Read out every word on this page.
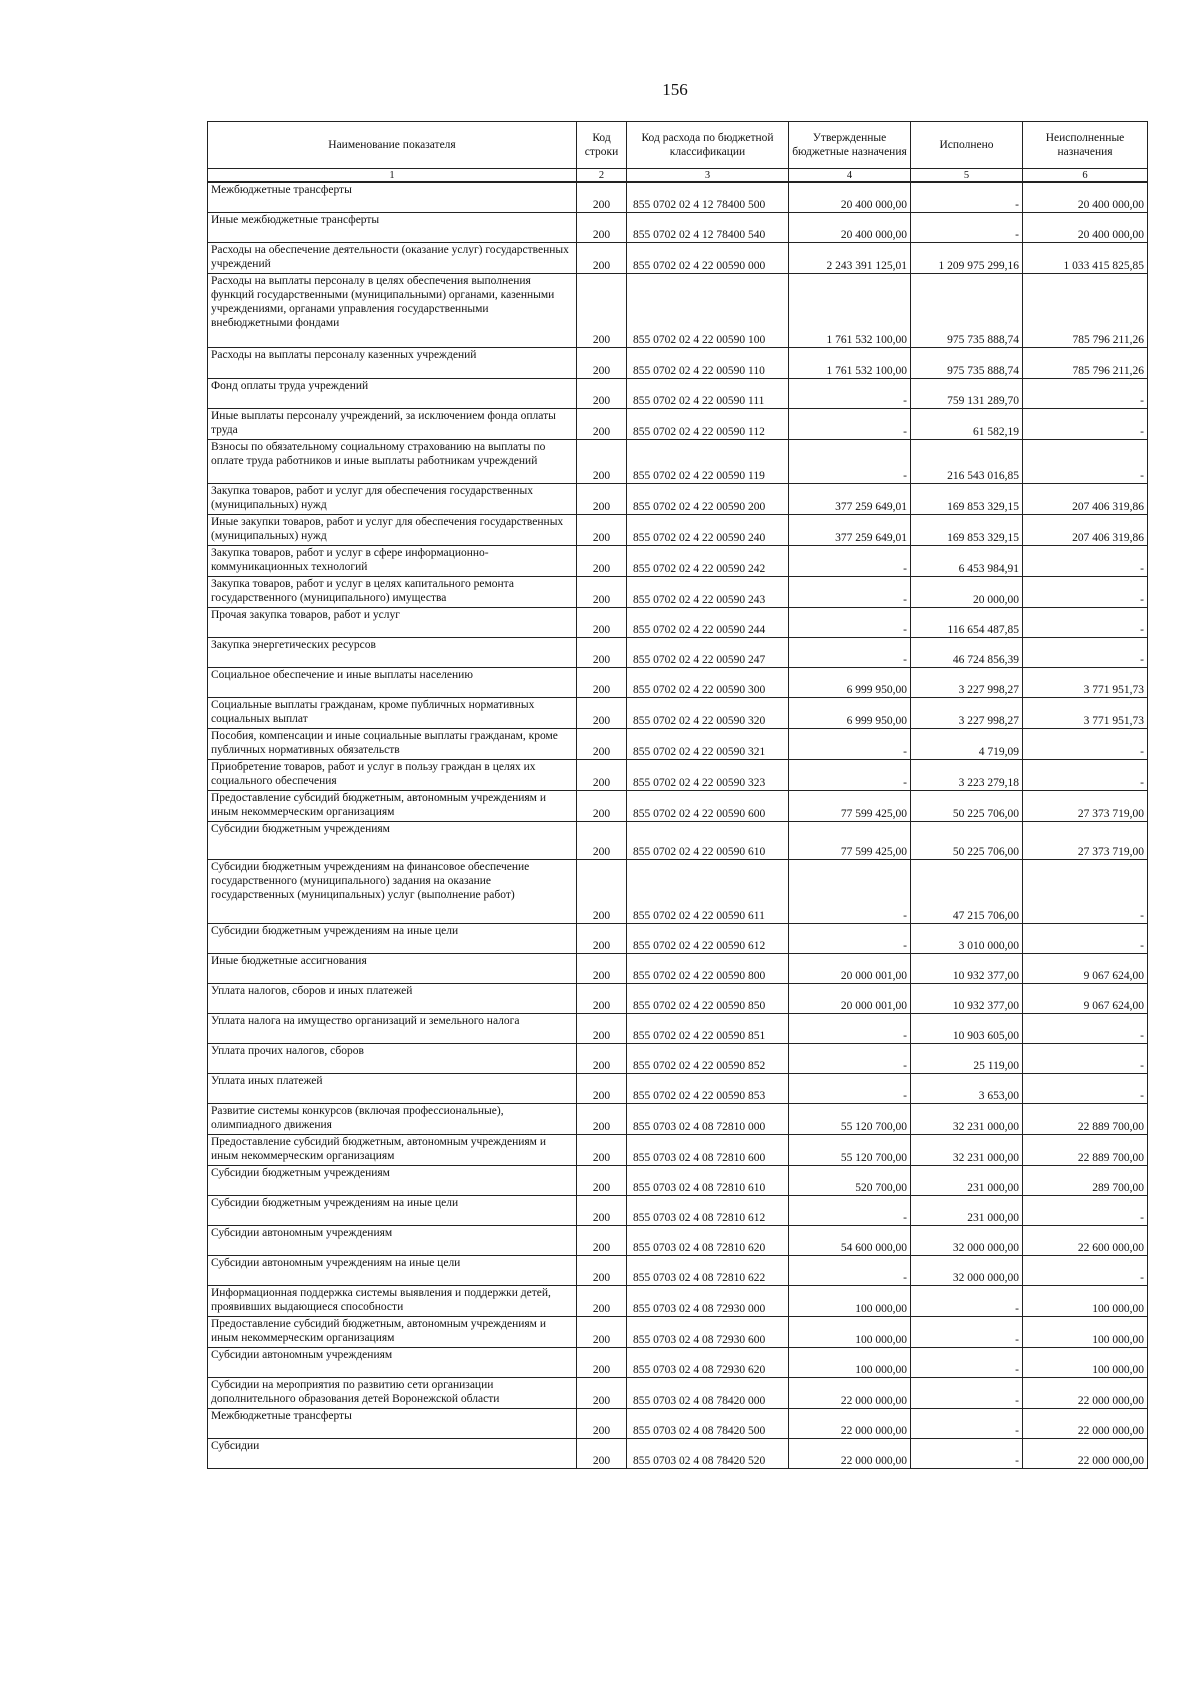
156
Наименование показателя	Код строки	Код расхода по бюджетной классификации	Утвержденные бюджетные назначения	Исполнено	Неисполненные назначения
1	2	3	4	5	6
Межбюджетные трансферты	200	855 0702 02 4 12 78400 500	20 400 000,00	-	20 400 000,00
Иные межбюджетные трансферты	200	855 0702 02 4 12 78400 540	20 400 000,00	-	20 400 000,00
Расходы на обеспечение деятельности (оказание услуг) государственных учреждений	200	855 0702 02 4 22 00590 000	2 243 391 125,01	1 209 975 299,16	1 033 415 825,85
Расходы на выплаты персоналу в целях обеспечения выполнения функций государственными (муниципальными) органами, казенными учреждениями, органами управления государственными внебюджетными фондами	200	855 0702 02 4 22 00590 100	1 761 532 100,00	975 735 888,74	785 796 211,26
Расходы на выплаты персоналу казенных учреждений	200	855 0702 02 4 22 00590 110	1 761 532 100,00	975 735 888,74	785 796 211,26
Фонд оплаты труда учреждений	200	855 0702 02 4 22 00590 111	-	759 131 289,70	-
Иные выплаты персоналу учреждений, за исключением фонда оплаты труда	200	855 0702 02 4 22 00590 112	-	61 582,19	-
Взносы по обязательному социальному страхованию на выплаты по оплате труда работников и иные выплаты работникам учреждений	200	855 0702 02 4 22 00590 119	-	216 543 016,85	-
Закупка товаров, работ и услуг для обеспечения государственных (муниципальных) нужд	200	855 0702 02 4 22 00590 200	377 259 649,01	169 853 329,15	207 406 319,86
Иные закупки товаров, работ и услуг для обеспечения государственных (муниципальных) нужд	200	855 0702 02 4 22 00590 240	377 259 649,01	169 853 329,15	207 406 319,86
Закупка товаров, работ и услуг в сфере информационно-коммуникационных технологий	200	855 0702 02 4 22 00590 242	-	6 453 984,91	-
Закупка товаров, работ и услуг в целях капитального ремонта государственного (муниципального) имущества	200	855 0702 02 4 22 00590 243	-	20 000,00	-
Прочая закупка товаров, работ и услуг	200	855 0702 02 4 22 00590 244	-	116 654 487,85	-
Закупка энергетических ресурсов	200	855 0702 02 4 22 00590 247	-	46 724 856,39	-
Социальное обеспечение и иные выплаты населению	200	855 0702 02 4 22 00590 300	6 999 950,00	3 227 998,27	3 771 951,73
Социальные выплаты гражданам, кроме публичных нормативных социальных выплат	200	855 0702 02 4 22 00590 320	6 999 950,00	3 227 998,27	3 771 951,73
Пособия, компенсации и иные социальные выплаты гражданам, кроме публичных нормативных обязательств	200	855 0702 02 4 22 00590 321	-	4 719,09	-
Приобретение товаров, работ и услуг в пользу граждан в целях их социального обеспечения	200	855 0702 02 4 22 00590 323	-	3 223 279,18	-
Предоставление субсидий бюджетным, автономным учреждениям и иным некоммерческим организациям	200	855 0702 02 4 22 00590 600	77 599 425,00	50 225 706,00	27 373 719,00
Субсидии бюджетным учреждениям	200	855 0702 02 4 22 00590 610	77 599 425,00	50 225 706,00	27 373 719,00
Субсидии бюджетным учреждениям на финансовое обеспечение государственного (муниципального) задания на оказание государственных (муниципальных) услуг (выполнение работ)	200	855 0702 02 4 22 00590 611	-	47 215 706,00	-
Субсидии бюджетным учреждениям на иные цели	200	855 0702 02 4 22 00590 612	-	3 010 000,00	-
Иные бюджетные ассигнования	200	855 0702 02 4 22 00590 800	20 000 001,00	10 932 377,00	9 067 624,00
Уплата налогов, сборов и иных платежей	200	855 0702 02 4 22 00590 850	20 000 001,00	10 932 377,00	9 067 624,00
Уплата налога на имущество организаций и земельного налога	200	855 0702 02 4 22 00590 851	-	10 903 605,00	-
Уплата прочих налогов, сборов	200	855 0702 02 4 22 00590 852	-	25 119,00	-
Уплата иных платежей	200	855 0702 02 4 22 00590 853	-	3 653,00	-
Развитие системы конкурсов (включая профессиональные), олимпиадного движения	200	855 0703 02 4 08 72810 000	55 120 700,00	32 231 000,00	22 889 700,00
Предоставление субсидий бюджетным, автономным учреждениям и иным некоммерческим организациям	200	855 0703 02 4 08 72810 600	55 120 700,00	32 231 000,00	22 889 700,00
Субсидии бюджетным учреждениям	200	855 0703 02 4 08 72810 610	520 700,00	231 000,00	289 700,00
Субсидии бюджетным учреждениям на иные цели	200	855 0703 02 4 08 72810 612	-	231 000,00	-
Субсидии автономным учреждениям	200	855 0703 02 4 08 72810 620	54 600 000,00	32 000 000,00	22 600 000,00
Субсидии автономным учреждениям на иные цели	200	855 0703 02 4 08 72810 622	-	32 000 000,00	-
Информационная поддержка системы выявления и поддержки детей, проявивших выдающиеся способности	200	855 0703 02 4 08 72930 000	100 000,00	-	100 000,00
Предоставление субсидий бюджетным, автономным учреждениям и иным некоммерческим организациям	200	855 0703 02 4 08 72930 600	100 000,00	-	100 000,00
Субсидии автономным учреждениям	200	855 0703 02 4 08 72930 620	100 000,00	-	100 000,00
Субсидии на мероприятия по развитию сети организации дополнительного образования детей Воронежской области	200	855 0703 02 4 08 78420 000	22 000 000,00	-	22 000 000,00
Межбюджетные трансферты	200	855 0703 02 4 08 78420 500	22 000 000,00	-	22 000 000,00
Субсидии	200	855 0703 02 4 08 78420 520	22 000 000,00	-	22 000 000,00
